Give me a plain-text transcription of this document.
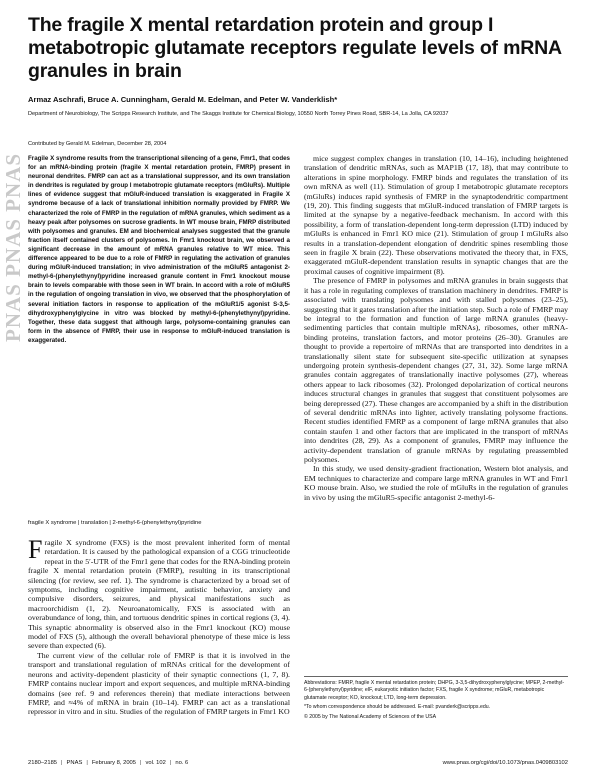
PNAS PNAS PNAS
The fragile X mental retardation protein and group I metabotropic glutamate receptors regulate levels of mRNA granules in brain
Armaz Aschrafi, Bruce A. Cunningham, Gerald M. Edelman, and Peter W. Vanderklish*
Department of Neurobiology, The Scripps Research Institute, and The Skaggs Institute for Chemical Biology, 10550 North Torrey Pines Road, SBR-14, La Jolla, CA 92037
Contributed by Gerald M. Edelman, December 28, 2004

Fragile X syndrome results from the transcriptional silencing of a gene, Fmr1, that codes for an mRNA-binding protein (fragile X mental retardation protein, FMRP) present in neuronal dendrites. FMRP can act as a translational suppressor, and its own translation in dendrites is regulated by group I metabotropic glutamate receptors (mGluRs). Multiple lines of evidence suggest that mGluR-induced translation is exaggerated in Fragile X syndrome because of a lack of translational inhibition normally provided by FMRP. We characterized the role of FMRP in the regulation of mRNA granules, which sediment as a heavy peak after polysomes on sucrose gradients. In WT mouse brain, FMRP distributed with polysomes and granules. EM and biochemical analyses suggested that the granule fraction itself contained clusters of polysomes. In Fmr1 knockout brain, we observed a significant decrease in the amount of mRNA granules relative to WT mice. This difference appeared to be due to a role of FMRP in regulating the activation of granules during mGluR-induced translation; in vivo administration of the mGluR5 antagonist 2-methyl-6-(phenylethynyl)pyridine increased granule content in Fmr1 knockout mouse brain to levels comparable with those seen in WT brain. In accord with a role of mGluR5 in the regulation of ongoing translation in vivo, we observed that the phosphorylation of several initiation factors in response to application of the mGluR1/5 agonist S-3,5-dihydroxyphenylglycine in vitro was blocked by methyl-6-(phenylethynyl)pyridine. Together, these data suggest that although large, polysome-containing granules can form in the absence of FMRP, their use in response to mGluR-induced translation is exaggerated.

fragile X syndrome | translation | 2-methyl-6-(phenylethynyl)pyridine

Fragile X syndrome (FXS) is the most prevalent inherited form of mental retardation. It is caused by the pathological expansion of a CGG trinucleotide repeat in the 5′-UTR of the Fmr1 gene that codes for the RNA-binding protein fragile X mental retardation protein (FMRP), resulting in its transcriptional silencing (for review, see ref. 1). The syndrome is characterized by a broad set of symptoms, including cognitive impairment, autistic behavior, anxiety and compulsive disorders, seizures, and physical manifestations such as macroorchidism (1, 2). Neuroanatomically, FXS is associated with an overabundance of long, thin, and tortuous dendritic spines in cortical regions (3, 4). This synaptic abnormality is observed also in the Fmr1 knockout (KO) mouse model of FXS (5), although the overall behavioral phenotype of these mice is less severe than expected (6).

The current view of the cellular role of FMRP is that it is involved in the transport and translational regulation of mRNAs critical for the development of neurons and activity-dependent plasticity of their synaptic connections (1, 7, 8). FMRP contains nuclear import and export sequences, and multiple mRNA-binding domains (see ref. 9 and references therein) that mediate interactions between FMRP, and ≈4% of mRNA in brain (10–14). FMRP can act as a translational repressor in vitro and in situ. Studies of the regulation of FMRP targets in Fmr1 KO

mice suggest complex changes in translation (10, 14–16), including heightened translation of dendritic mRNAs, such as MAP1B (17, 18), that may contribute to alterations in spine morphology. FMRP binds and regulates the translation of its own mRNA as well (11). Stimulation of group I metabotropic glutamate receptors (mGluRs) induces rapid synthesis of FMRP in the synaptodendritic compartment (19, 20). This finding suggests that mGluR-induced translation of FMRP targets is limited at the synapse by a negative-feedback mechanism. In accord with this possibility, a form of translation-dependent long-term depression (LTD) induced by mGluRs is enhanced in Fmr1 KO mice (21). Stimulation of group I mGluRs also results in a translation-dependent elongation of dendritic spines resembling those seen in fragile X brain (22). These observations motivated the theory that, in FXS, exaggerated mGluR-dependent translation results in synaptic changes that are the proximal causes of cognitive impairment (8).

The presence of FMRP in polysomes and mRNA granules in brain suggests that it has a role in regulating complexes of translation machinery in dendrites. FMRP is associated with translating polysomes and with stalled polysomes (23–25), suggesting that it gates translation after the initiation step. Such a role of FMRP may be integral to the formation and function of large mRNA granules (heavy-sedimenting particles that contain multiple mRNAs), ribosomes, other mRNA-binding proteins, translation factors, and motor proteins (26–30). Granules are thought to provide a repertoire of mRNAs that are transported into dendrites in a translationally silent state for subsequent site-specific utilization at synapses undergoing protein synthesis-dependent changes (27, 31, 32). Some large mRNA granules contain aggregates of translationally inactive polysomes (27), whereas others appear to lack ribosomes (32). Prolonged depolarization of cortical neurons induces structural changes in granules that suggest that constituent polysomes are being derepressed (27). These changes are accompanied by a shift in the distribution of several dendritic mRNAs into lighter, actively translating polysome fractions. Recent studies identified FMRP as a component of large mRNA granules that also contain staufen 1 and other factors that are implicated in the transport of mRNAs into dendrites (28, 29). As a component of granules, FMRP may influence the activity-dependent translation of granule mRNAs by regulating preassembled polysomes.

In this study, we used density-gradient fractionation, Western blot analysis, and EM techniques to characterize and compare large mRNA granules in WT and Fmr1 KO mouse brain. Also, we studied the role of mGluRs in the regulation of granules in vivo by using the mGluR5-specific antagonist 2-methyl-6-

Abbreviations: FMRP, fragile X mental retardation protein; DHPG, 3-3,5-dihydroxyphenylglycine; MPEP, 2-methyl-6-(phenylethynyl)pyridine; eIF, eukaryotic initiation factor; FXS, fragile X syndrome; mGluR, metabotropic glutamate receptor; KO, knockout; LTD, long-term depression.

*To whom correspondence should be addressed. E-mail: pvanderk@scripps.edu.

© 2005 by The National Academy of Sciences of the USA

2180–2185 | PNAS | February 8, 2005 | vol. 102 | no. 6	www.pnas.org/cgi/doi/10.1073/pnas.0409803102
